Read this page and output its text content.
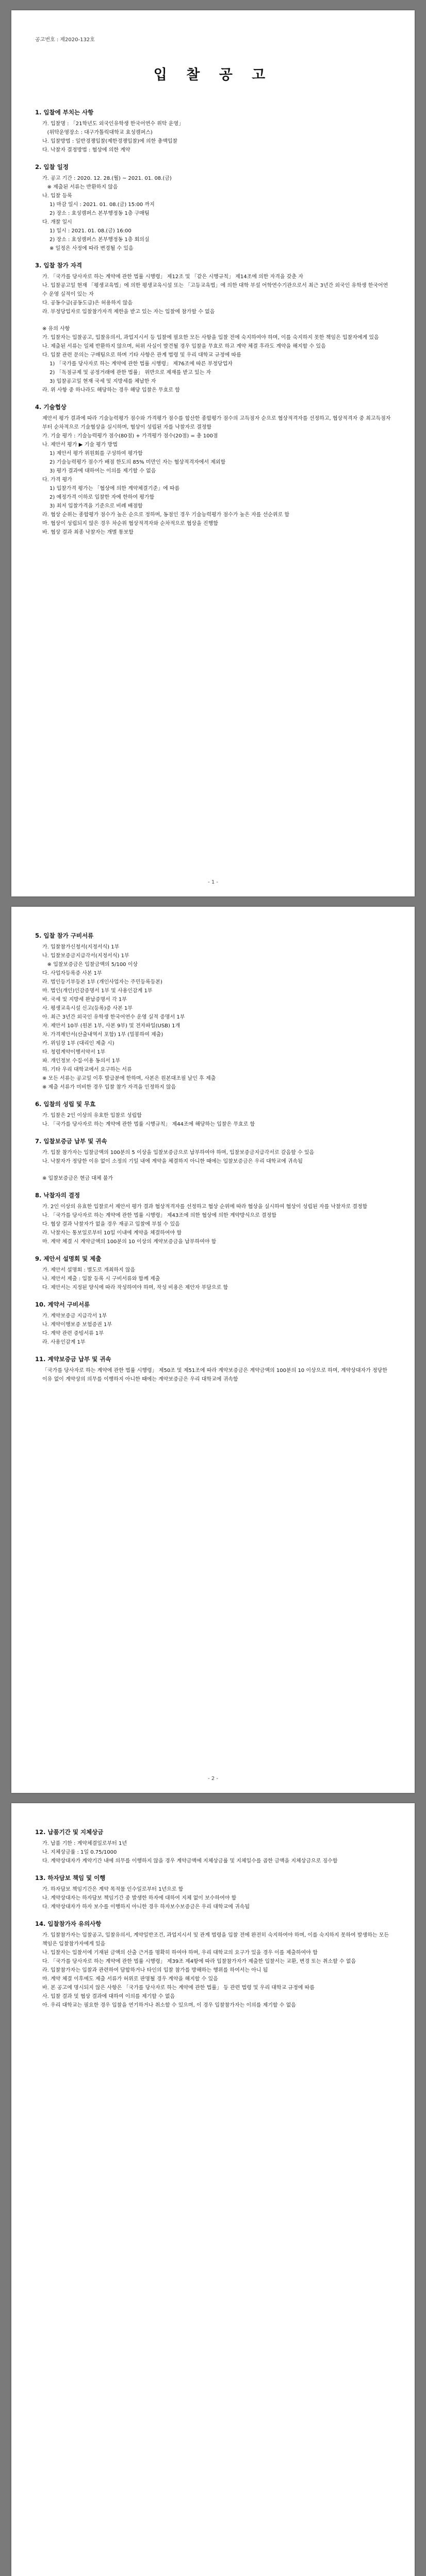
공고번호 : 제2020-132호
입 찰 공 고
1. 입찰에 부치는 사항

가. 입찰명 : 「21학년도 외국인유학생 한국어연수 위탁 운영」

(위탁운영장소 : 대구가톨릭대학교 효성캠퍼스)

나. 입찰방법 : 일반경쟁입찰(제한경쟁입찰)에 의한 총액입찰

다. 낙찰자 결정방법 : 협상에 의한 계약

2. 입찰 일정

가. 공고 기간 : 2020. 12. 28.(월) ~ 2021. 01. 08.(금)

※ 제출된 서류는 반환하지 않음

나. 입찰 등록

1) 마감 일시 : 2021. 01. 08.(금) 15:00 까지

2) 장소 : 효성캠퍼스 본부행정동 1층 구매팀

다. 개찰 일시

1) 일시 : 2021. 01. 08.(금) 16:00

2) 장소 : 효성캠퍼스 본부행정동 1층 회의실

※ 일정은 사정에 따라 변경될 수 있음

3. 입찰 참가 자격

가. 「국가를 당사자로 하는 계약에 관한 법률 시행령」 제12조 및 「같은 시행규칙」 제14조에 의한 자격을 갖춘 자

나. 입찰공고일 현재 「평생교육법」에 의한 평생교육시설 또는 「고등교육법」에 의한 대학 부설 어학연수기관으로서 최근 3년간 외국인 유학생 한국어연수 운영 실적이 있는 자

다. 공동수급(공동도급)은 허용하지 않음

라. 부정당업자로 입찰참가자격 제한을 받고 있는 자는 입찰에 참가할 수 없음

※ 유의 사항

가. 입찰자는 입찰공고, 입찰유의서, 과업지시서 등 입찰에 필요한 모든 사항을 입찰 전에 숙지하여야 하며, 이를 숙지하지 못한 책임은 입찰자에게 있음

나. 제출된 서류는 일체 반환하지 않으며, 허위 사실이 발견될 경우 입찰을 무효로 하고 계약 체결 후라도 계약을 해지할 수 있음

다. 입찰 관련 문의는 구매팀으로 하며 기타 사항은 관계 법령 및 우리 대학교 규정에 따름

1) 「국가를 당사자로 하는 계약에 관한 법률 시행령」 제76조에 따른 부정당업자

2) 「독점규제 및 공정거래에 관한 법률」 위반으로 제재를 받고 있는 자

3) 입찰공고일 현재 국세 및 지방세를 체납한 자

라. 위 사항 중 하나라도 해당하는 경우 해당 입찰은 무효로 함

4. 기술협상

제안서 평가 결과에 따라 기술능력평가 점수와 가격평가 점수를 합산한 종합평가 점수의 고득점자 순으로 협상적격자를 선정하고, 협상적격자 중 최고득점자부터 순차적으로 기술협상을 실시하며, 협상이 성립된 자를 낙찰자로 결정함

가. 기술 평가 : 기술능력평가 점수(80점) + 가격평가 점수(20점) = 총 100점

나. 제안서 평가 ▶ 기술 평가 방법

1) 제안서 평가 위원회를 구성하여 평가함

2) 기술능력평가 점수가 배점 한도의 85% 미만인 자는 협상적격자에서 제외함

3) 평가 결과에 대하여는 이의를 제기할 수 없음

다. 가격 평가

1) 입찰가격 평가는 「협상에 의한 계약체결기준」에 따름

2) 예정가격 이하로 입찰한 자에 한하여 평가함

3) 최저 입찰가격을 기준으로 비례 배점함

라. 협상 순위는 종합평가 점수가 높은 순으로 정하며, 동점인 경우 기술능력평가 점수가 높은 자를 선순위로 함

마. 협상이 성립되지 않은 경우 차순위 협상적격자와 순차적으로 협상을 진행함

바. 협상 결과 최종 낙찰자는 개별 통보함

- 1 -
5. 입찰 참가 구비서류

가. 입찰참가신청서(지정서식) 1부

나. 입찰보증금지급각서(지정서식) 1부

※ 입찰보증금은 입찰금액의 5/100 이상

다. 사업자등록증 사본 1부

라. 법인등기부등본 1부 (개인사업자는 주민등록등본)

마. 법인(개인)인감증명서 1부 및 사용인감계 1부

바. 국세 및 지방세 완납증명서 각 1부

사. 평생교육시설 신고(등록)증 사본 1부

아. 최근 3년간 외국인 유학생 한국어연수 운영 실적 증명서 1부

자. 제안서 10부 (원본 1부, 사본 9부) 및 전자파일(USB) 1개

차. 가격제안서(산출내역서 포함) 1부 (밀봉하여 제출)

카. 위임장 1부 (대리인 제출 시)

타. 청렴계약이행서약서 1부

파. 개인정보 수집·이용 동의서 1부

하. 기타 우리 대학교에서 요구하는 서류

※ 모든 서류는 공고일 이후 발급분에 한하며, 사본은 원본대조필 날인 후 제출

※ 제출 서류가 미비한 경우 입찰 참가 자격을 인정하지 않음

6. 입찰의 성립 및 무효

가. 입찰은 2인 이상의 유효한 입찰로 성립함

나. 「국가를 당사자로 하는 계약에 관한 법률 시행규칙」 제44조에 해당하는 입찰은 무효로 함

7. 입찰보증금 납부 및 귀속

가. 입찰 참가자는 입찰금액의 100분의 5 이상을 입찰보증금으로 납부하여야 하며, 입찰보증금지급각서로 갈음할 수 있음

나. 낙찰자가 정당한 이유 없이 소정의 기일 내에 계약을 체결하지 아니한 때에는 입찰보증금은 우리 대학교에 귀속됨

※ 입찰보증금은 현금 대체 불가

8. 낙찰자의 결정

가. 2인 이상의 유효한 입찰로서 제안서 평가 결과 협상적격자를 선정하고 협상 순위에 따라 협상을 실시하여 협상이 성립된 자를 낙찰자로 결정함

나. 「국가를 당사자로 하는 계약에 관한 법률 시행령」 제43조에 의한 협상에 의한 계약방식으로 결정함

다. 협상 결과 낙찰자가 없을 경우 재공고 입찰에 부칠 수 있음

라. 낙찰자는 통보일로부터 10일 이내에 계약을 체결하여야 함

마. 계약 체결 시 계약금액의 100분의 10 이상의 계약보증금을 납부하여야 함

9. 제안서 설명회 및 제출

가. 제안서 설명회 : 별도로 개최하지 않음

나. 제안서 제출 : 입찰 등록 시 구비서류와 함께 제출

다. 제안서는 지정된 양식에 따라 작성하여야 하며, 작성 비용은 제안자 부담으로 함

10. 계약서 구비서류

가. 계약보증금 지급각서 1부

나. 계약이행보증 보험증권 1부

다. 계약 관련 증빙서류 1부

라. 사용인감계 1부

11. 계약보증금 납부 및 귀속

「국가를 당사자로 하는 계약에 관한 법률 시행령」 제50조 및 제51조에 따라 계약보증금은 계약금액의 100분의 10 이상으로 하며, 계약상대자가 정당한 이유 없이 계약상의 의무를 이행하지 아니한 때에는 계약보증금은 우리 대학교에 귀속함

- 2 -
12. 납품기간 및 지체상금

가. 납품 기한 : 계약체결일로부터 1년

나. 지체상금률 : 1일 0.75/1000

다. 계약상대자가 계약기간 내에 의무를 이행하지 않을 경우 계약금액에 지체상금률 및 지체일수를 곱한 금액을 지체상금으로 징수함

13. 하자담보 책임 및 이행

가. 하자담보 책임기간은 계약 목적물 인수일로부터 1년으로 함

나. 계약상대자는 하자담보 책임기간 중 발생한 하자에 대하여 지체 없이 보수하여야 함

다. 계약상대자가 하자 보수를 이행하지 아니한 경우 하자보수보증금은 우리 대학교에 귀속됨

14. 입찰참가자 유의사항

가. 입찰참가자는 입찰공고, 입찰유의서, 계약일반조건, 과업지시서 및 관계 법령을 입찰 전에 완전히 숙지하여야 하며, 이를 숙지하지 못하여 발생하는 모든 책임은 입찰참가자에게 있음

나. 입찰자는 입찰서에 기재된 금액의 산출 근거를 명확히 하여야 하며, 우리 대학교의 요구가 있을 경우 이를 제출하여야 함

다. 「국가를 당사자로 하는 계약에 관한 법률 시행령」 제39조 제4항에 따라 입찰참가자가 제출한 입찰서는 교환, 변경 또는 취소할 수 없음

라. 입찰참가자는 입찰과 관련하여 담합하거나 타인의 입찰 참가를 방해하는 행위를 하여서는 아니 됨

마. 계약 체결 이후에도 제출 서류가 허위로 판명될 경우 계약을 해지할 수 있음

바. 본 공고에 명시되지 않은 사항은 「국가를 당사자로 하는 계약에 관한 법률」 등 관련 법령 및 우리 대학교 규정에 따름

사. 입찰 결과 및 협상 결과에 대하여 이의를 제기할 수 없음

아. 우리 대학교는 필요한 경우 입찰을 연기하거나 취소할 수 있으며, 이 경우 입찰참가자는 이의를 제기할 수 없음
